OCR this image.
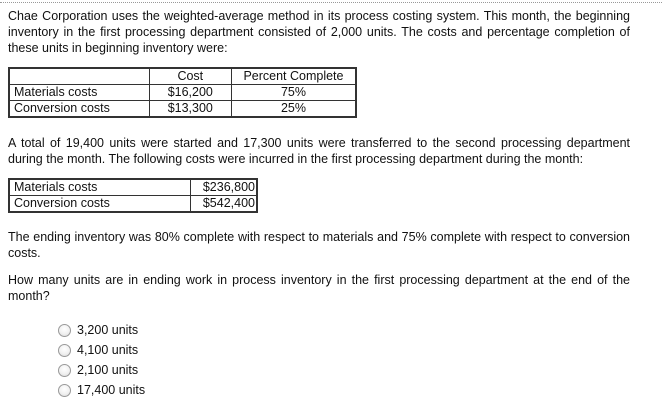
Chae Corporation uses the weighted-average method in its process costing system. This month, the beginning inventory in the first processing department consisted of 2,000 units. The costs and percentage completion of these units in beginning inventory were:

	Cost	Percent Complete
Materials costs	$16,200	75%
Conversion costs	$13,300	25%

A total of 19,400 units were started and 17,300 units were transferred to the second processing department during the month. The following costs were incurred in the first processing department during the month:

Materials costs	$236,800
Conversion costs	$542,400

The ending inventory was 80% complete with respect to materials and 75% complete with respect to conversion costs.

How many units are in ending work in process inventory in the first processing department at the end of the month?

3,200 units
4,100 units
2,100 units
17,400 units
